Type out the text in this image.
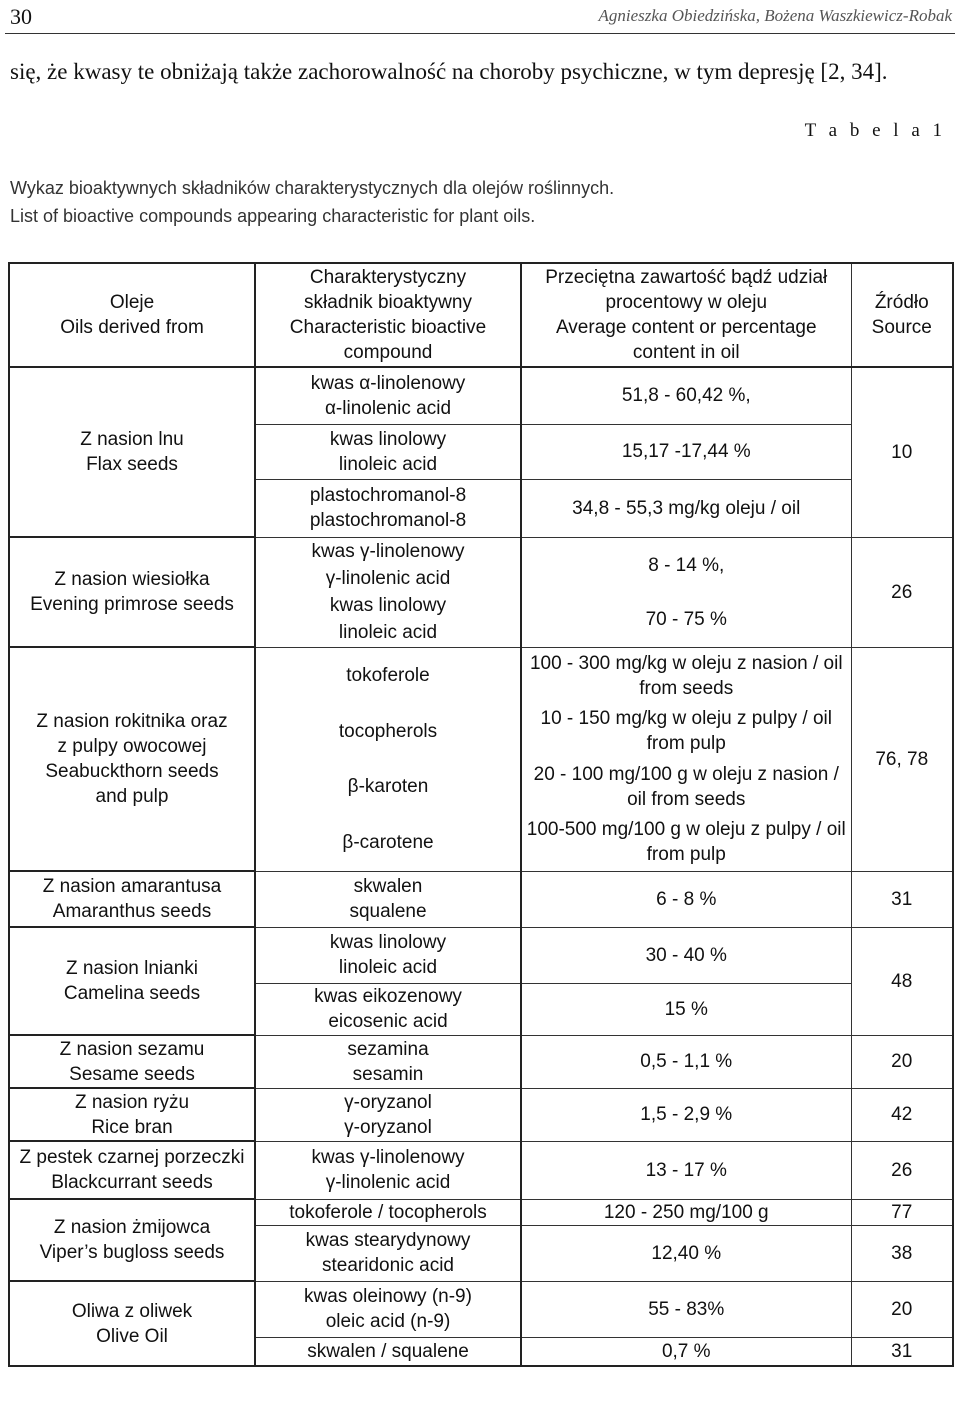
30	Agnieszka Obiedzińska, Bożena Waszkiewicz-Robak
się, że kwasy te obniżają także zachorowalność na choroby psychiczne, w tym depresję [2, 34].
T a b e l a 1
Wykaz bioaktywnych składników charakterystycznych dla olejów roślinnych.
List of bioactive compounds appearing characteristic for plant oils.
Oleje
Oils derived from	Charakterystyczny
składnik bioaktywny
Characteristic bioactive
compound	Przeciętna zawartość bądź udział
procentowy w oleju
Average content or percentage
content in oil	Źródło
Source

Z nasion lnu
Flax seeds	kwas α-linolenowy
α-linolenic acid	51,8 - 60,42 %,	10

	kwas linolowy
linoleic acid	15,17 -17,44 %	

	plastochromanol-8
plastochromanol-8	34,8 - 55,3 mg/kg oleju / oil	

Z nasion wiesiołka
Evening primrose seeds	kwas γ-linolenowy
γ-linolenic acid
kwas linolowy
linoleic acid	8 - 14 %,
70 - 75 %	26

Z nasion rokitnika oraz
z pulpy owocowej
Seabuckthorn seeds
and pulp	tokoferole
tocopherols
β-karoten
β-carotene	100 - 300 mg/kg w oleju z nasion / oil from seeds
10 - 150 mg/kg w oleju z pulpy / oil from pulp
20 - 100 mg/100 g w oleju z nasion / oil from seeds
100-500 mg/100 g w oleju z pulpy / oil from pulp	76, 78

Z nasion amarantusa
Amaranthus seeds	skwalen
squalene	6 - 8 %	31

Z nasion lnianki
Camelina seeds	kwas linolowy
linoleic acid	30 - 40 %	48

	kwas eikozenowy
eicosenic acid	15 %	

Z nasion sezamu
Sesame seeds	sezamina
sesamin	0,5 - 1,1 %	20

Z nasion ryżu
Rice bran	γ-oryzanol
γ-oryzanol	1,5 - 2,9 %	42

Z pestek czarnej porzeczki
Blackcurrant seeds	kwas γ-linolenowy
γ-linolenic acid	13 - 17 %	26

Z nasion żmijowca
Viper’s bugloss seeds	tokoferole / tocopherols	120 - 250 mg/100 g	77

	kwas stearydynowy
stearidonic acid	12,40 %	38

Oliwa z oliwek
Olive Oil	kwas oleinowy (n-9)
oleic acid (n-9)	55 - 83%	20

	skwalen / squalene	0,7 %	31
